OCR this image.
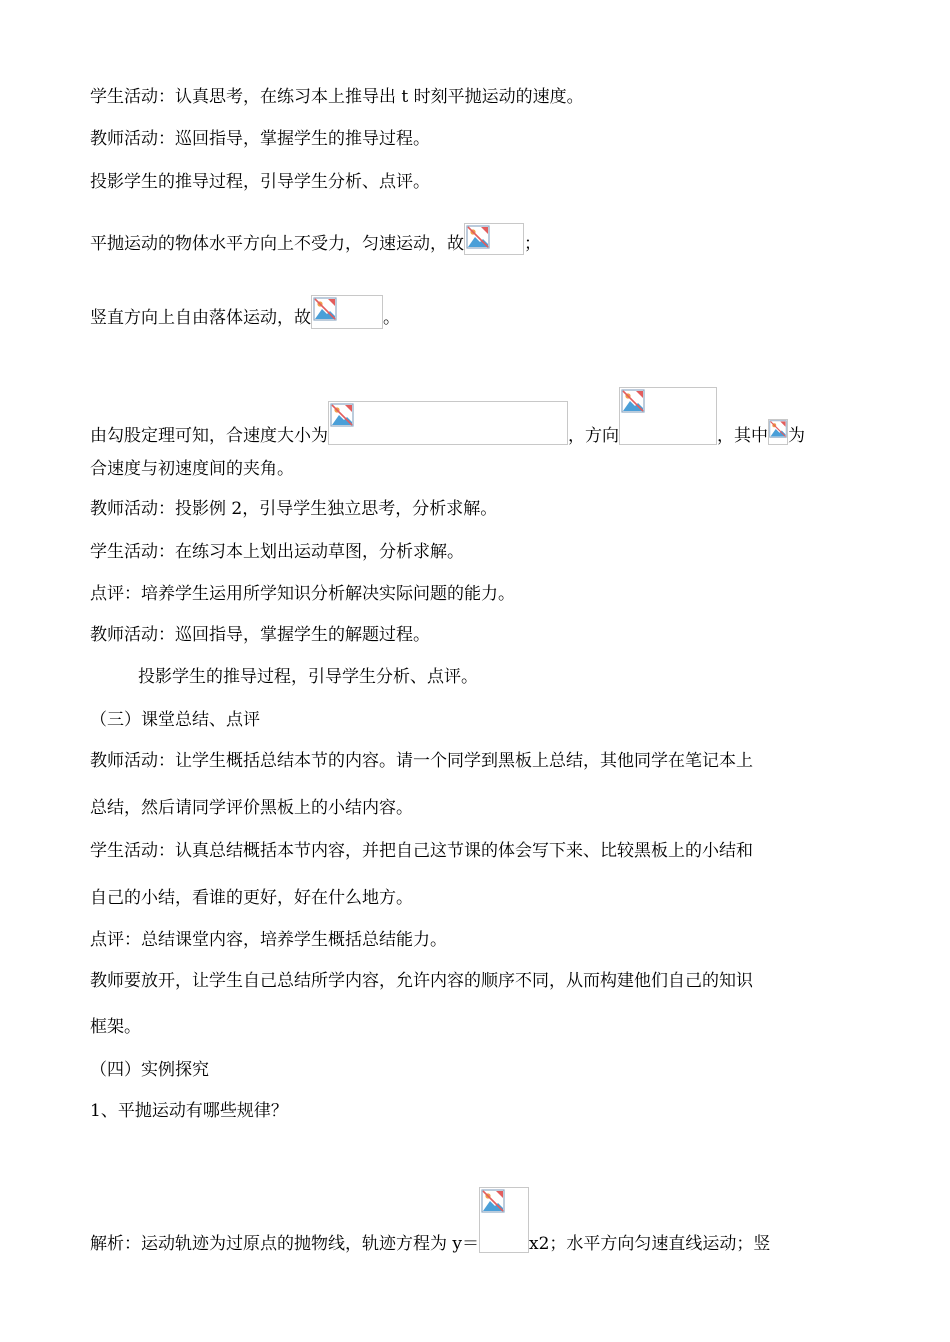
学生活动：认真思考，在练习本上推导出 t 时刻平抛运动的速度。
教师活动：巡回指导，掌握学生的推导过程。
投影学生的推导过程，引导学生分析、点评。
平抛运动的物体水平方向上不受力，匀速运动，故	；
竖直方向上自由落体运动，故	。
由勾股定理可知，合速度大小为	，方向	，其中 为
合速度与初速度间的夹角。
教师活动：投影例 2，引导学生独立思考，分析求解。
学生活动：在练习本上划出运动草图，分析求解。
点评：培养学生运用所学知识分析解决实际问题的能力。
教师活动：巡回指导，掌握学生的解题过程。
投影学生的推导过程，引导学生分析、点评。
（三）课堂总结、点评
教师活动：让学生概括总结本节的内容。请一个同学到黑板上总结，其他同学在笔记本上
总结，然后请同学评价黑板上的小结内容。
学生活动：认真总结概括本节内容，并把自己这节课的体会写下来、比较黑板上的小结和
自己的小结，看谁的更好，好在什么地方。
点评：总结课堂内容，培养学生概括总结能力。
教师要放开，让学生自己总结所学内容，允许内容的顺序不同，从而构建他们自己的知识
框架。
（四）实例探究
1、平抛运动有哪些规律？
解析：运动轨迹为过原点的抛物线，轨迹方程为 y＝	x2；水平方向匀速直线运动；竖
